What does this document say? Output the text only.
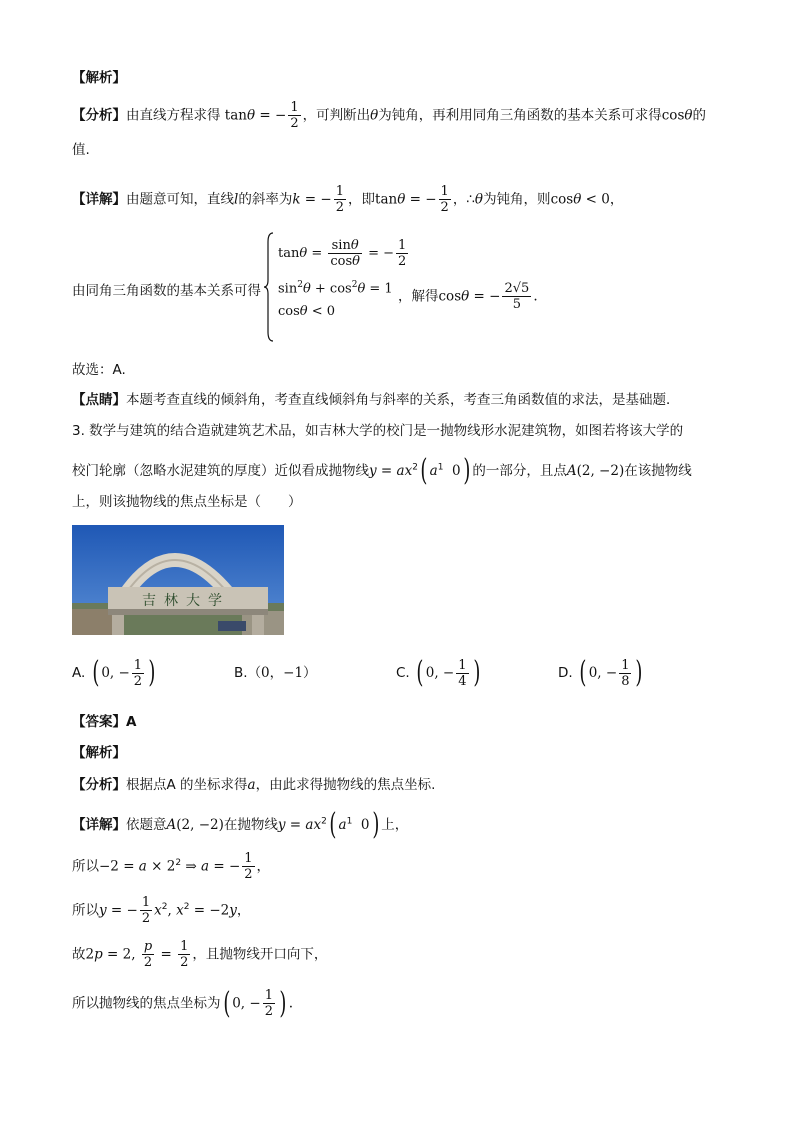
【解析】
【分析】由直线方程求得 tanθ = − $\frac{1}{2}$ ，可判断出θ为钝角，再利用同角三角函数的基本关系可求得cosθ的
值.
【详解】由题意可知，直线l的斜率为k = − $\frac{1}{2}$ ，即tanθ = − $\frac{1}{2}$ ，∴θ为钝角，则cosθ < 0，
$\tan\theta = \frac{\sin\theta}{\cos\theta}$ = − $\frac{1}{2}$
$\sin^2\theta + \cos^2\theta = 1$
cosθ < 0
由同角三角函数的基本关系可得	，解得cosθ = − $\frac{2√5}{5}$ .
故选：A.
【点睛】本题考查直线的倾斜角，考查直线倾斜角与斜率的关系，考查三角函数值的求法，是基础题．
3. 数学与建筑的结合造就建筑艺术品，如吉林大学的校门是一抛物线形水泥建筑物，如图若将该大学的
校门轮廓（忽略水泥建筑的厚度）近似看成抛物线$y = ax^2$( $a^1$  0) 的一部分，且点A(2, −2)在该抛物线
上，则该抛物线的焦点坐标是（　　）
吉林大学
A. ( 0, − $\frac{1}{2}$ )	B.（0，−1）	C. ( 0, − $\frac{1}{4}$ )	D. ( 0, − $\frac{1}{8}$ )
【答案】A
【解析】
【分析】根据点A 的坐标求得a，由此求得抛物线的焦点坐标.
【详解】依题意A(2, −2)在抛物线$y = ax^2$( $a^1$  0) 上，
所以$-2 = a \times 2^2$ ⇒ a = − $\frac{1}{2}$ ，
所以y = − $\frac{1}{2} x^2$, $x^2 = -2y$，
故2p = 2, $\frac{p}{2} = \frac{1}{2}$ ，且抛物线开口向下，
所以抛物线的焦点坐标为( 0, − $\frac{1}{2}$ ) .
